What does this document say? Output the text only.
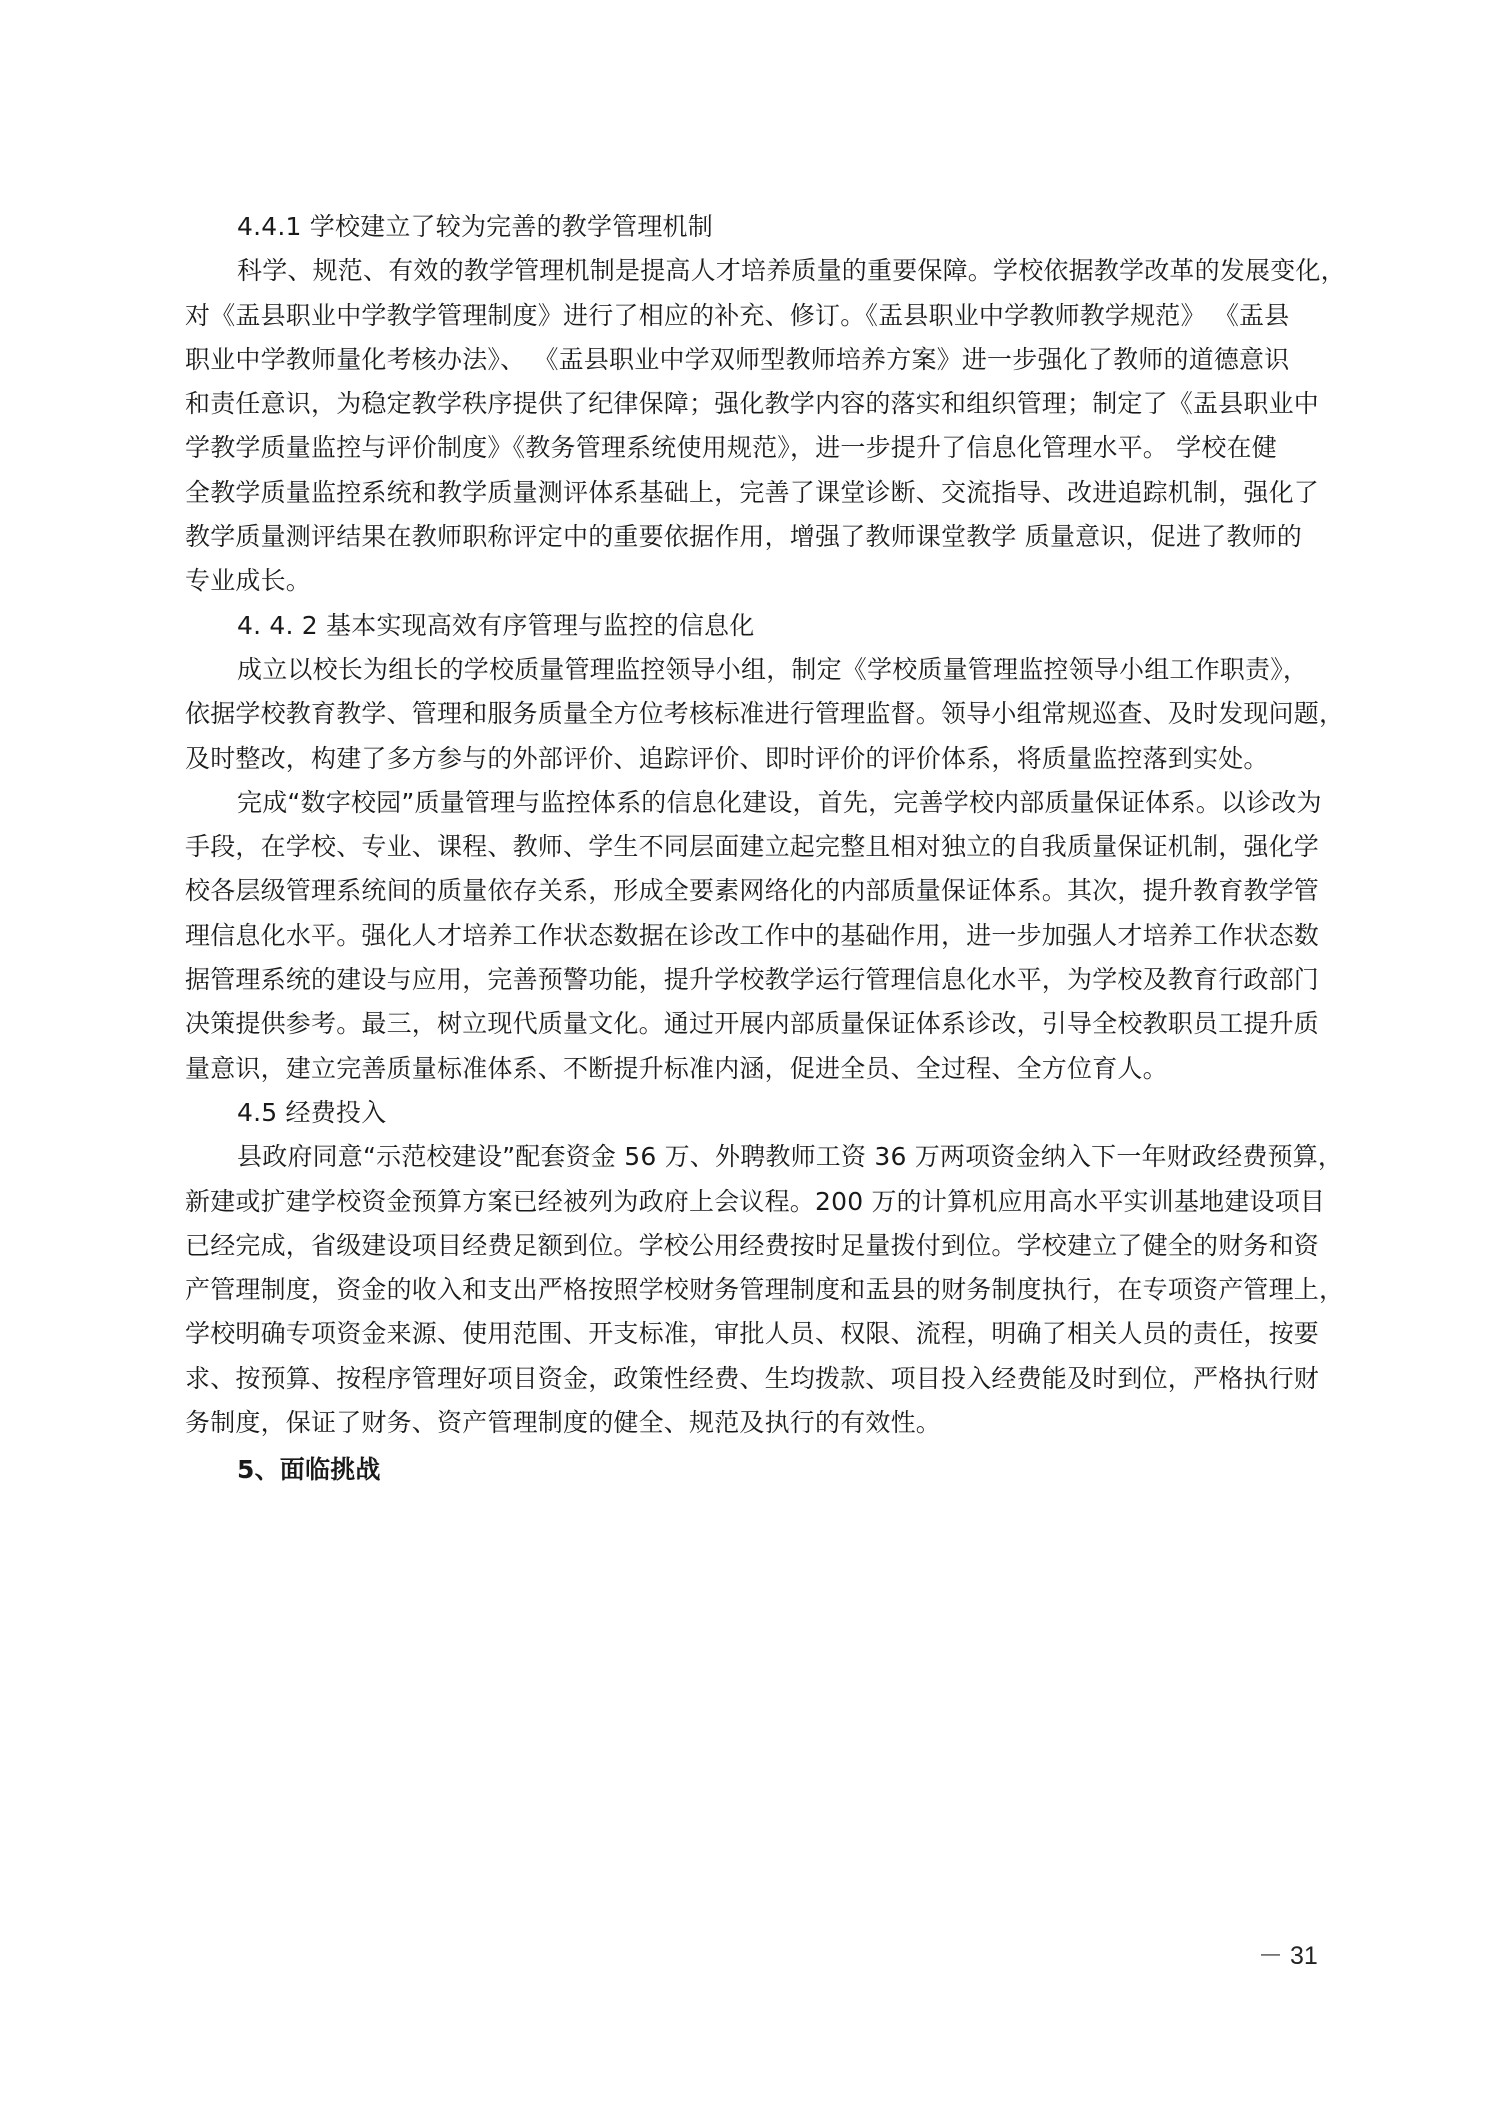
4.4.1 学校建立了较为完善的教学管理机制
科学、规范、有效的教学管理机制是提高人才培养质量的重要保障。学校依据教学改革的发展变化，
对《盂县职业中学教学管理制度》进行了相应的补充、修订。《盂县职业中学教师教学规范》 《盂县
职业中学教师量化考核办法》、 《盂县职业中学双师型教师培养方案》进一步强化了教师的道德意识
和责任意识，为稳定教学秩序提供了纪律保障；强化教学内容的落实和组织管理；制定了《盂县职业中
学教学质量监控与评价制度》《教务管理系统使用规范》，进一步提升了信息化管理水平。 学校在健
全教学质量监控系统和教学质量测评体系基础上，完善了课堂诊断、交流指导、改进追踪机制，强化了
教学质量测评结果在教师职称评定中的重要依据作用，增强了教师课堂教学 质量意识，促进了教师的
专业成长。
4. 4. 2 基本实现高效有序管理与监控的信息化
成立以校长为组长的学校质量管理监控领导小组，制定《学校质量管理监控领导小组工作职责》，
依据学校教育教学、管理和服务质量全方位考核标准进行管理监督。领导小组常规巡查、及时发现问题，
及时整改，构建了多方参与的外部评价、追踪评价、即时评价的评价体系，将质量监控落到实处。
完成“数字校园”质量管理与监控体系的信息化建设，首先，完善学校内部质量保证体系。以诊改为
手段，在学校、专业、课程、教师、学生不同层面建立起完整且相对独立的自我质量保证机制，强化学
校各层级管理系统间的质量依存关系，形成全要素网络化的内部质量保证体系。其次，提升教育教学管
理信息化水平。强化人才培养工作状态数据在诊改工作中的基础作用，进一步加强人才培养工作状态数
据管理系统的建设与应用，完善预警功能，提升学校教学运行管理信息化水平，为学校及教育行政部门
决策提供参考。最三，树立现代质量文化。通过开展内部质量保证体系诊改，引导全校教职员工提升质
量意识，建立完善质量标准体系、不断提升标准内涵，促进全员、全过程、全方位育人。
4.5 经费投入
县政府同意“示范校建设”配套资金 56 万、外聘教师工资 36 万两项资金纳入下一年财政经费预算，
新建或扩建学校资金预算方案已经被列为政府上会议程。200 万的计算机应用高水平实训基地建设项目
已经完成，省级建设项目经费足额到位。学校公用经费按时足量拨付到位。学校建立了健全的财务和资
产管理制度，资金的收入和支出严格按照学校财务管理制度和盂县的财务制度执行，在专项资产管理上，
学校明确专项资金来源、使用范围、开支标准，审批人员、权限、流程，明确了相关人员的责任，按要
求、按预算、按程序管理好项目资金，政策性经费、生均拨款、项目投入经费能及时到位，严格执行财
务制度，保证了财务、资产管理制度的健全、规范及执行的有效性。
5、面临挑战
－ 31
